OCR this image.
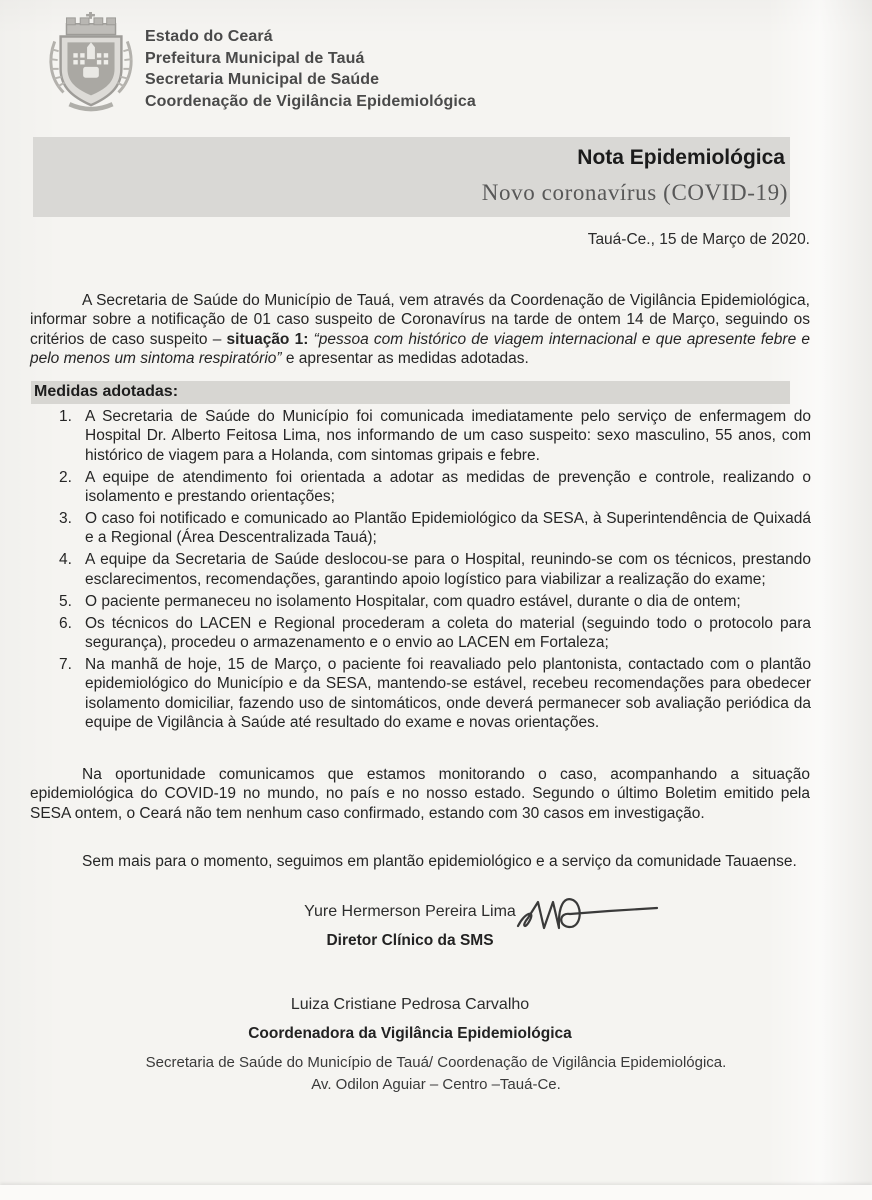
Estado do Ceará
Prefeitura Municipal de Tauá
Secretaria Municipal de Saúde
Coordenação de Vigilância Epidemiológica
Nota Epidemiológica
Novo coronavírus (COVID-19)
Tauá-Ce., 15 de Março de 2020.

A Secretaria de Saúde do Município de Tauá, vem através da Coordenação de Vigilância Epidemiológica, informar sobre a notificação de 01 caso suspeito de Coronavírus na tarde de ontem 14 de Março, seguindo os critérios de caso suspeito – situação 1: “pessoa com histórico de viagem internacional e que apresente febre e pelo menos um sintoma respiratório” e apresentar as medidas adotadas.

Medidas adotadas:
A Secretaria de Saúde do Município foi comunicada imediatamente pelo serviço de enfermagem do Hospital Dr. Alberto Feitosa Lima, nos informando de um caso suspeito: sexo masculino, 55 anos, com histórico de viagem para a Holanda, com sintomas gripais e febre.
A equipe de atendimento foi orientada a adotar as medidas de prevenção e controle, realizando o isolamento e prestando orientações;
O caso foi notificado e comunicado ao Plantão Epidemiológico da SESA, à Superintendência de Quixadá e a Regional (Área Descentralizada Tauá);
A equipe da Secretaria de Saúde deslocou-se para o Hospital, reunindo-se com os técnicos, prestando esclarecimentos, recomendações, garantindo apoio logístico para viabilizar a realização do exame;
O paciente permaneceu no isolamento Hospitalar, com quadro estável, durante o dia de ontem;
Os técnicos do LACEN e Regional procederam a coleta do material (seguindo todo o protocolo para segurança), procedeu o armazenamento e o envio ao LACEN em Fortaleza;
Na manhã de hoje, 15 de Março, o paciente foi reavaliado pelo plantonista, contactado com o plantão epidemiológico do Município e da SESA, mantendo-se estável, recebeu recomendações para obedecer isolamento domiciliar, fazendo uso de sintomáticos, onde deverá permanecer sob avaliação periódica da equipe de Vigilância à Saúde até resultado do exame e novas orientações.

Na oportunidade comunicamos que estamos monitorando o caso, acompanhando a situação epidemiológica do COVID-19 no mundo, no país e no nosso estado. Segundo o último Boletim emitido pela SESA ontem, o Ceará não tem nenhum caso confirmado, estando com 30 casos em investigação.

Sem mais para o momento, seguimos em plantão epidemiológico e a serviço da comunidade Tauaense.

Yure Hermerson Pereira Lima
Diretor Clínico da SMS
Luiza Cristiane Pedrosa Carvalho
Coordenadora da Vigilância Epidemiológica
Secretaria de Saúde do Município de Tauá/ Coordenação de Vigilância Epidemiológica.
Av. Odilon Aguiar – Centro –Tauá-Ce.
